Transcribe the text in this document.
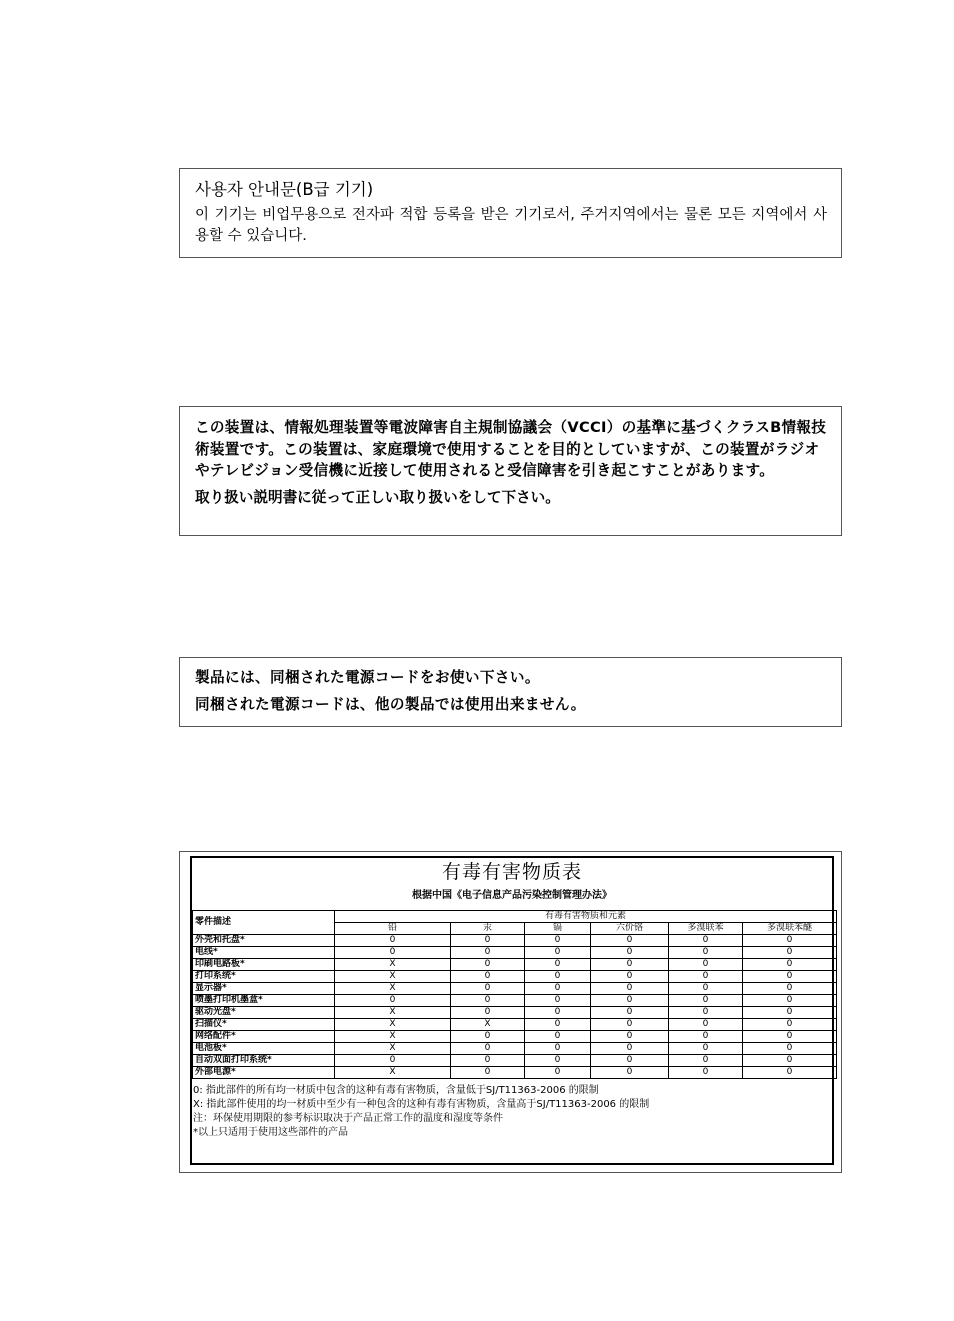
사용자 안내문(B급 기기)
이 기기는 비업무용으로 전자파 적합 등록을 받은 기기로서, 주거지역에서는 물론 모든 지역에서 사용할 수 있습니다.
この装置は、情報処理装置等電波障害自主規制協議会（VCCI）の基準に基づくクラスB情報技術装置です。この装置は、家庭環境で使用することを目的としていますが、この装置がラジオやテレビジョン受信機に近接して使用されると受信障害を引き起こすことがあります。
取り扱い説明書に従って正しい取り扱いをして下さい。

製品には、同梱された電源コードをお使い下さい。

同梱された電源コードは、他の製品では使用出来ません。

有毒有害物质表
根据中国《电子信息产品污染控制管理办法》
零件描述	有毒有害物质和元素					
	铅	汞	镉	六价铬	多溴联苯	多溴联苯醚
外壳和托盘*	0	0	0	0	0	0
电线*	0	0	0	0	0	0
印刷电路板*	X	0	0	0	0	0
打印系统*	X	0	0	0	0	0
显示器*	X	0	0	0	0	0
喷墨打印机墨盒*	0	0	0	0	0	0
驱动光盘*	X	0	0	0	0	0
扫描仪*	X	X	0	0	0	0
网络配件*	X	0	0	0	0	0
电池板*	X	0	0	0	0	0
自动双面打印系统*	0	0	0	0	0	0
外部电源*	X	0	0	0	0	0
0: 指此部件的所有均一材质中包含的这种有毒有害物质，含量低于SJ/T11363-2006 的限制
X: 指此部件使用的均一材质中至少有一种包含的这种有毒有害物质，含量高于SJ/T11363-2006 的限制
注：环保使用期限的参考标识取决于产品正常工作的温度和湿度等条件
*以上只适用于使用这些部件的产品
